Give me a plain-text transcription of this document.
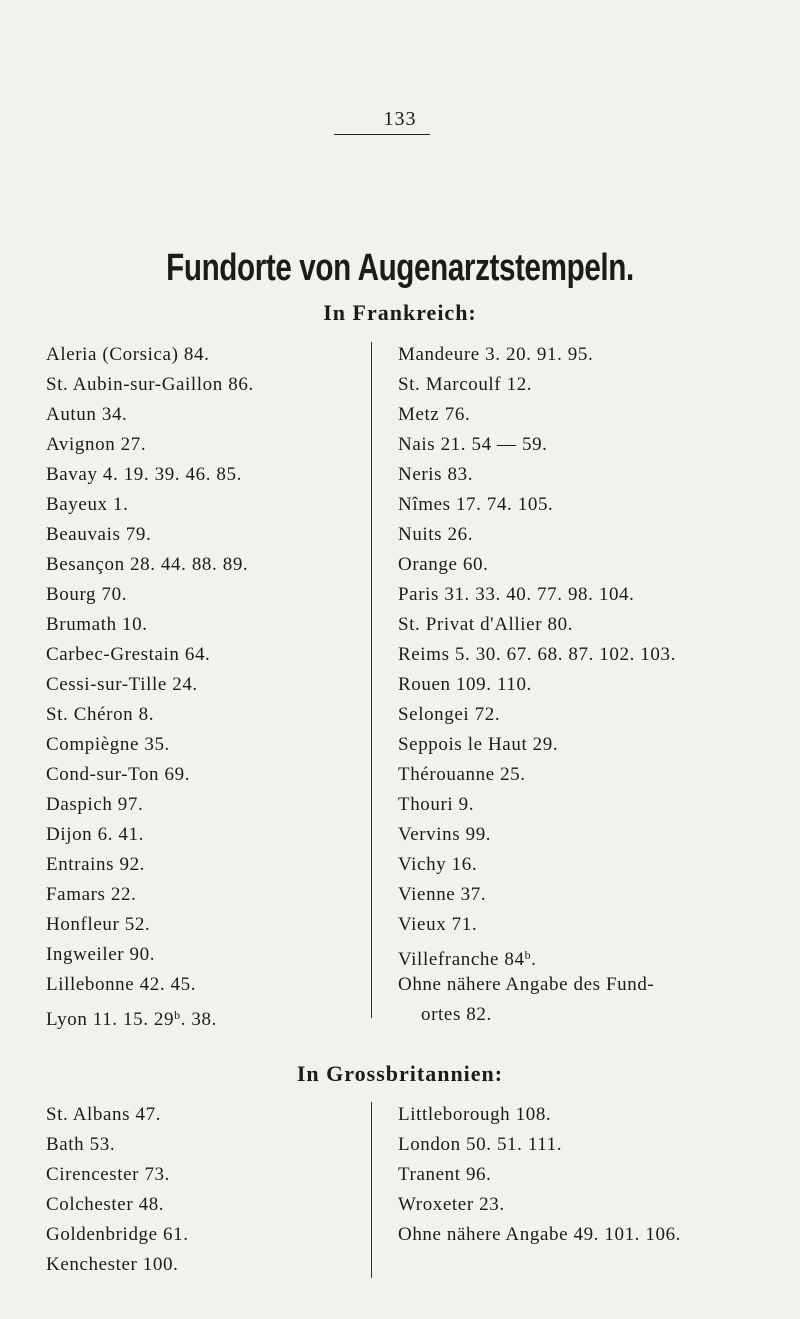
133
Fundorte von Augenarztstempeln.
In Frankreich:
Aleria (Corsica) 84.
St. Aubin-sur-Gaillon 86.
Autun 34.
Avignon 27.
Bavay 4. 19. 39. 46. 85.
Bayeux 1.
Beauvais 79.
Besançon 28. 44. 88. 89.
Bourg 70.
Brumath 10.
Carbec-Grestain 64.
Cessi-sur-Tille 24.
St. Chéron 8.
Compiègne 35.
Cond-sur-Ton 69.
Daspich 97.
Dijon 6. 41.
Entrains 92.
Famars 22.
Honfleur 52.
Ingweiler 90.
Lillebonne 42. 45.
Lyon 11. 15. 29$^b$. 38.
Mandeure 3. 20. 91. 95.
St. Marcoulf 12.
Metz 76.
Nais 21. 54 — 59.
Neris 83.
Nîmes 17. 74. 105.
Nuits 26.
Orange 60.
Paris 31. 33. 40. 77. 98. 104.
St. Privat d'Allier 80.
Reims 5. 30. 67. 68. 87. 102. 103.
Rouen 109. 110.
Selongei 72.
Seppois le Haut 29.
Thérouanne 25.
Thouri 9.
Vervins 99.
Vichy 16.
Vienne 37.
Vieux 71.
Villefranche 84$^b$.
Ohne nähere Angabe des Fund-
ortes 82.
In Grossbritannien:
St. Albans 47.
Bath 53.
Cirencester 73.
Colchester 48.
Goldenbridge 61.
Kenchester 100.
Littleborough 108.
London 50. 51. 111.
Tranent 96.
Wroxeter 23.
Ohne nähere Angabe 49. 101. 106.
